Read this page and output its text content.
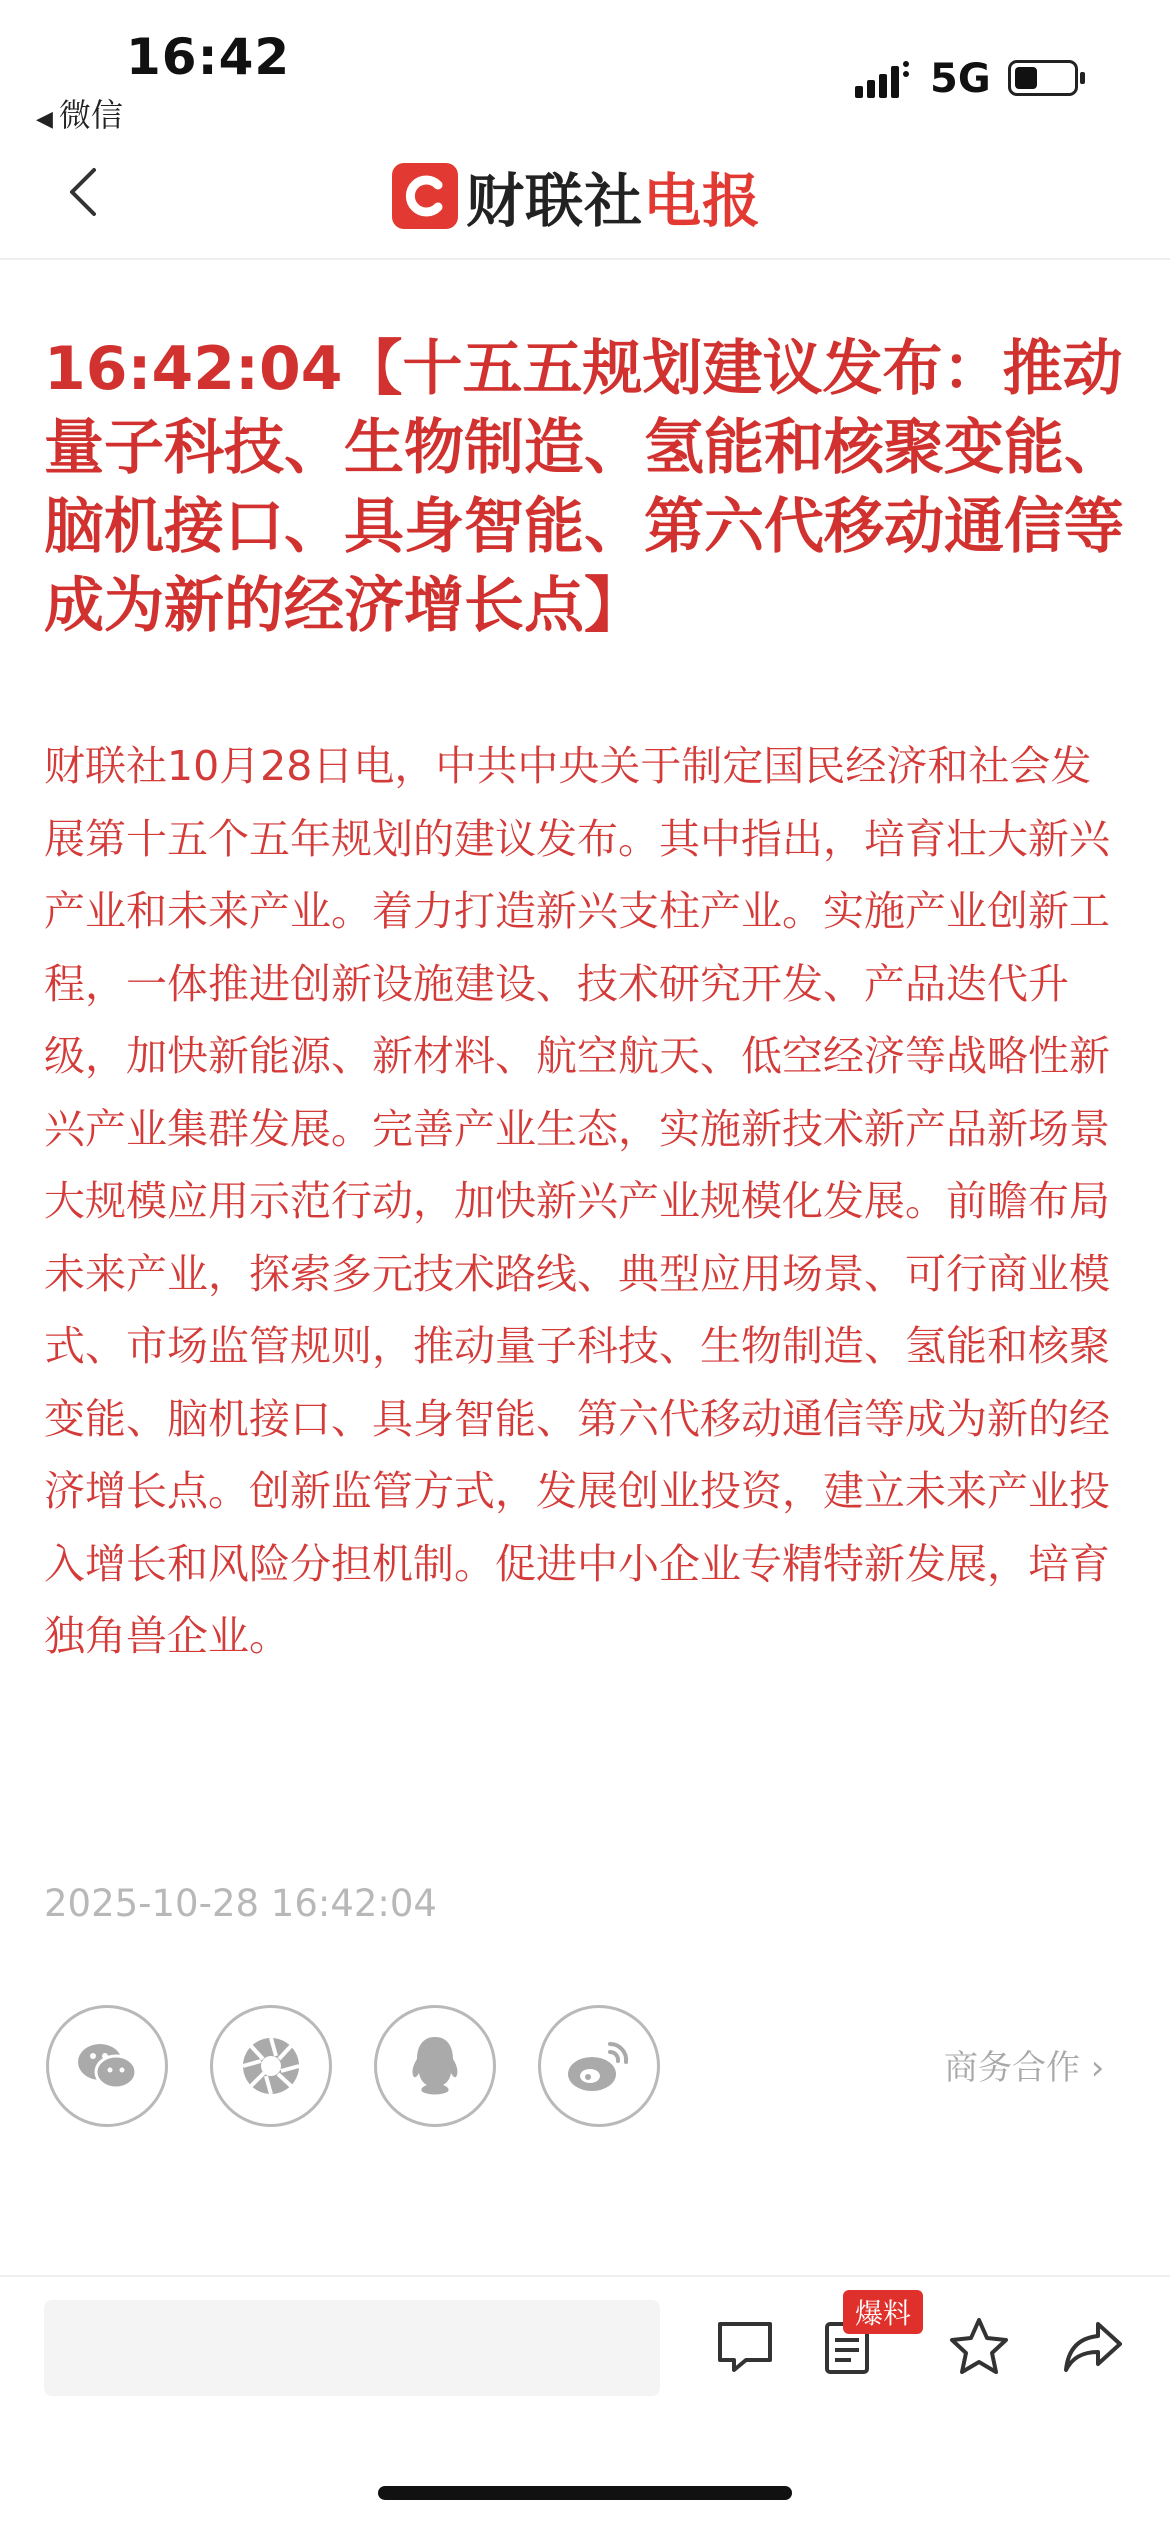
16:42
◀ 微信
5G
财联社电报
16:42:04【十五五规划建议发布：推动量子科技、生物制造、氢能和核聚变能、脑机接口、具身智能、第六代移动通信等成为新的经济增长点】
财联社10月28日电，中共中央关于制定国民经济和社会发展第十五个五年规划的建议发布。其中指出，培育壮大新兴产业和未来产业。着力打造新兴支柱产业。实施产业创新工程，一体推进创新设施建设、技术研究开发、产品迭代升级，加快新能源、新材料、航空航天、低空经济等战略性新兴产业集群发展。完善产业生态，实施新技术新产品新场景大规模应用示范行动，加快新兴产业规模化发展。前瞻布局未来产业，探索多元技术路线、典型应用场景、可行商业模式、市场监管规则，推动量子科技、生物制造、氢能和核聚变能、脑机接口、具身智能、第六代移动通信等成为新的经济增长点。创新监管方式，发展创业投资，建立未来产业投入增长和风险分担机制。促进中小企业专精特新发展，培育独角兽企业。
2025-10-28 16:42:04
商务合作 ›
爆料
